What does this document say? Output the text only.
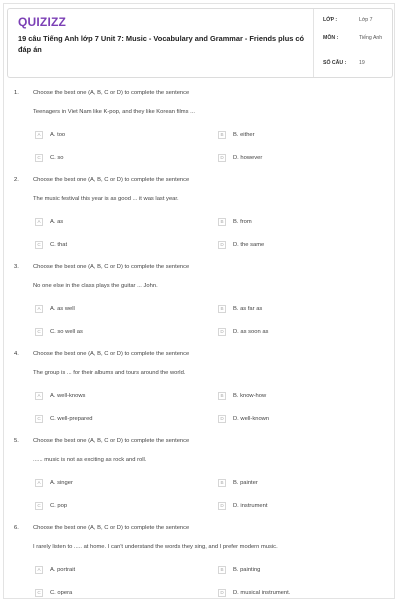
QUIZIZZ
19 câu Tiếng Anh lớp 7 Unit 7: Music - Vocabulary and Grammar - Friends plus có đáp án
LỚP :	Lớp 7
MÔN :	Tiếng Anh
SỐ CÂU : 19
1. Choose the best one (A, B, C or D) to complete the sentence
Teenagers in Viet Nam like K-pop, and they like Korean films ...
A	A. too	B	B. either
C	C. so	D	D. however
2. Choose the best one (A, B, C or D) to complete the sentence
The music festival this year is as good ... it was last year.
A	A. as	B	B. from
C	C. that	D	D. the same
3. Choose the best one (A, B, C or D) to complete the sentence
No one else in the class plays the guitar ... John.
A	A. as well	B	B. as far as
C	C. so well as	D	D. as soon as
4. Choose the best one (A, B, C or D) to complete the sentence
The group is ... for their albums and tours around the world.
A	A. well-knows	B	B. know-how
C	C. well-prepared	D	D. well-known
5. Choose the best one (A, B, C or D) to complete the sentence
...... music is not as exciting as rock and roll.
A	A. singer	B	B. painter
C	C. pop	D	D. instrument
6. Choose the best one (A, B, C or D) to complete the sentence
I rarely listen to ..... at home. I can't understand the words they sing, and I prefer modern music.
A	A. portrait	B	B. painting
C	C. opera	D	D. musical instrument.
